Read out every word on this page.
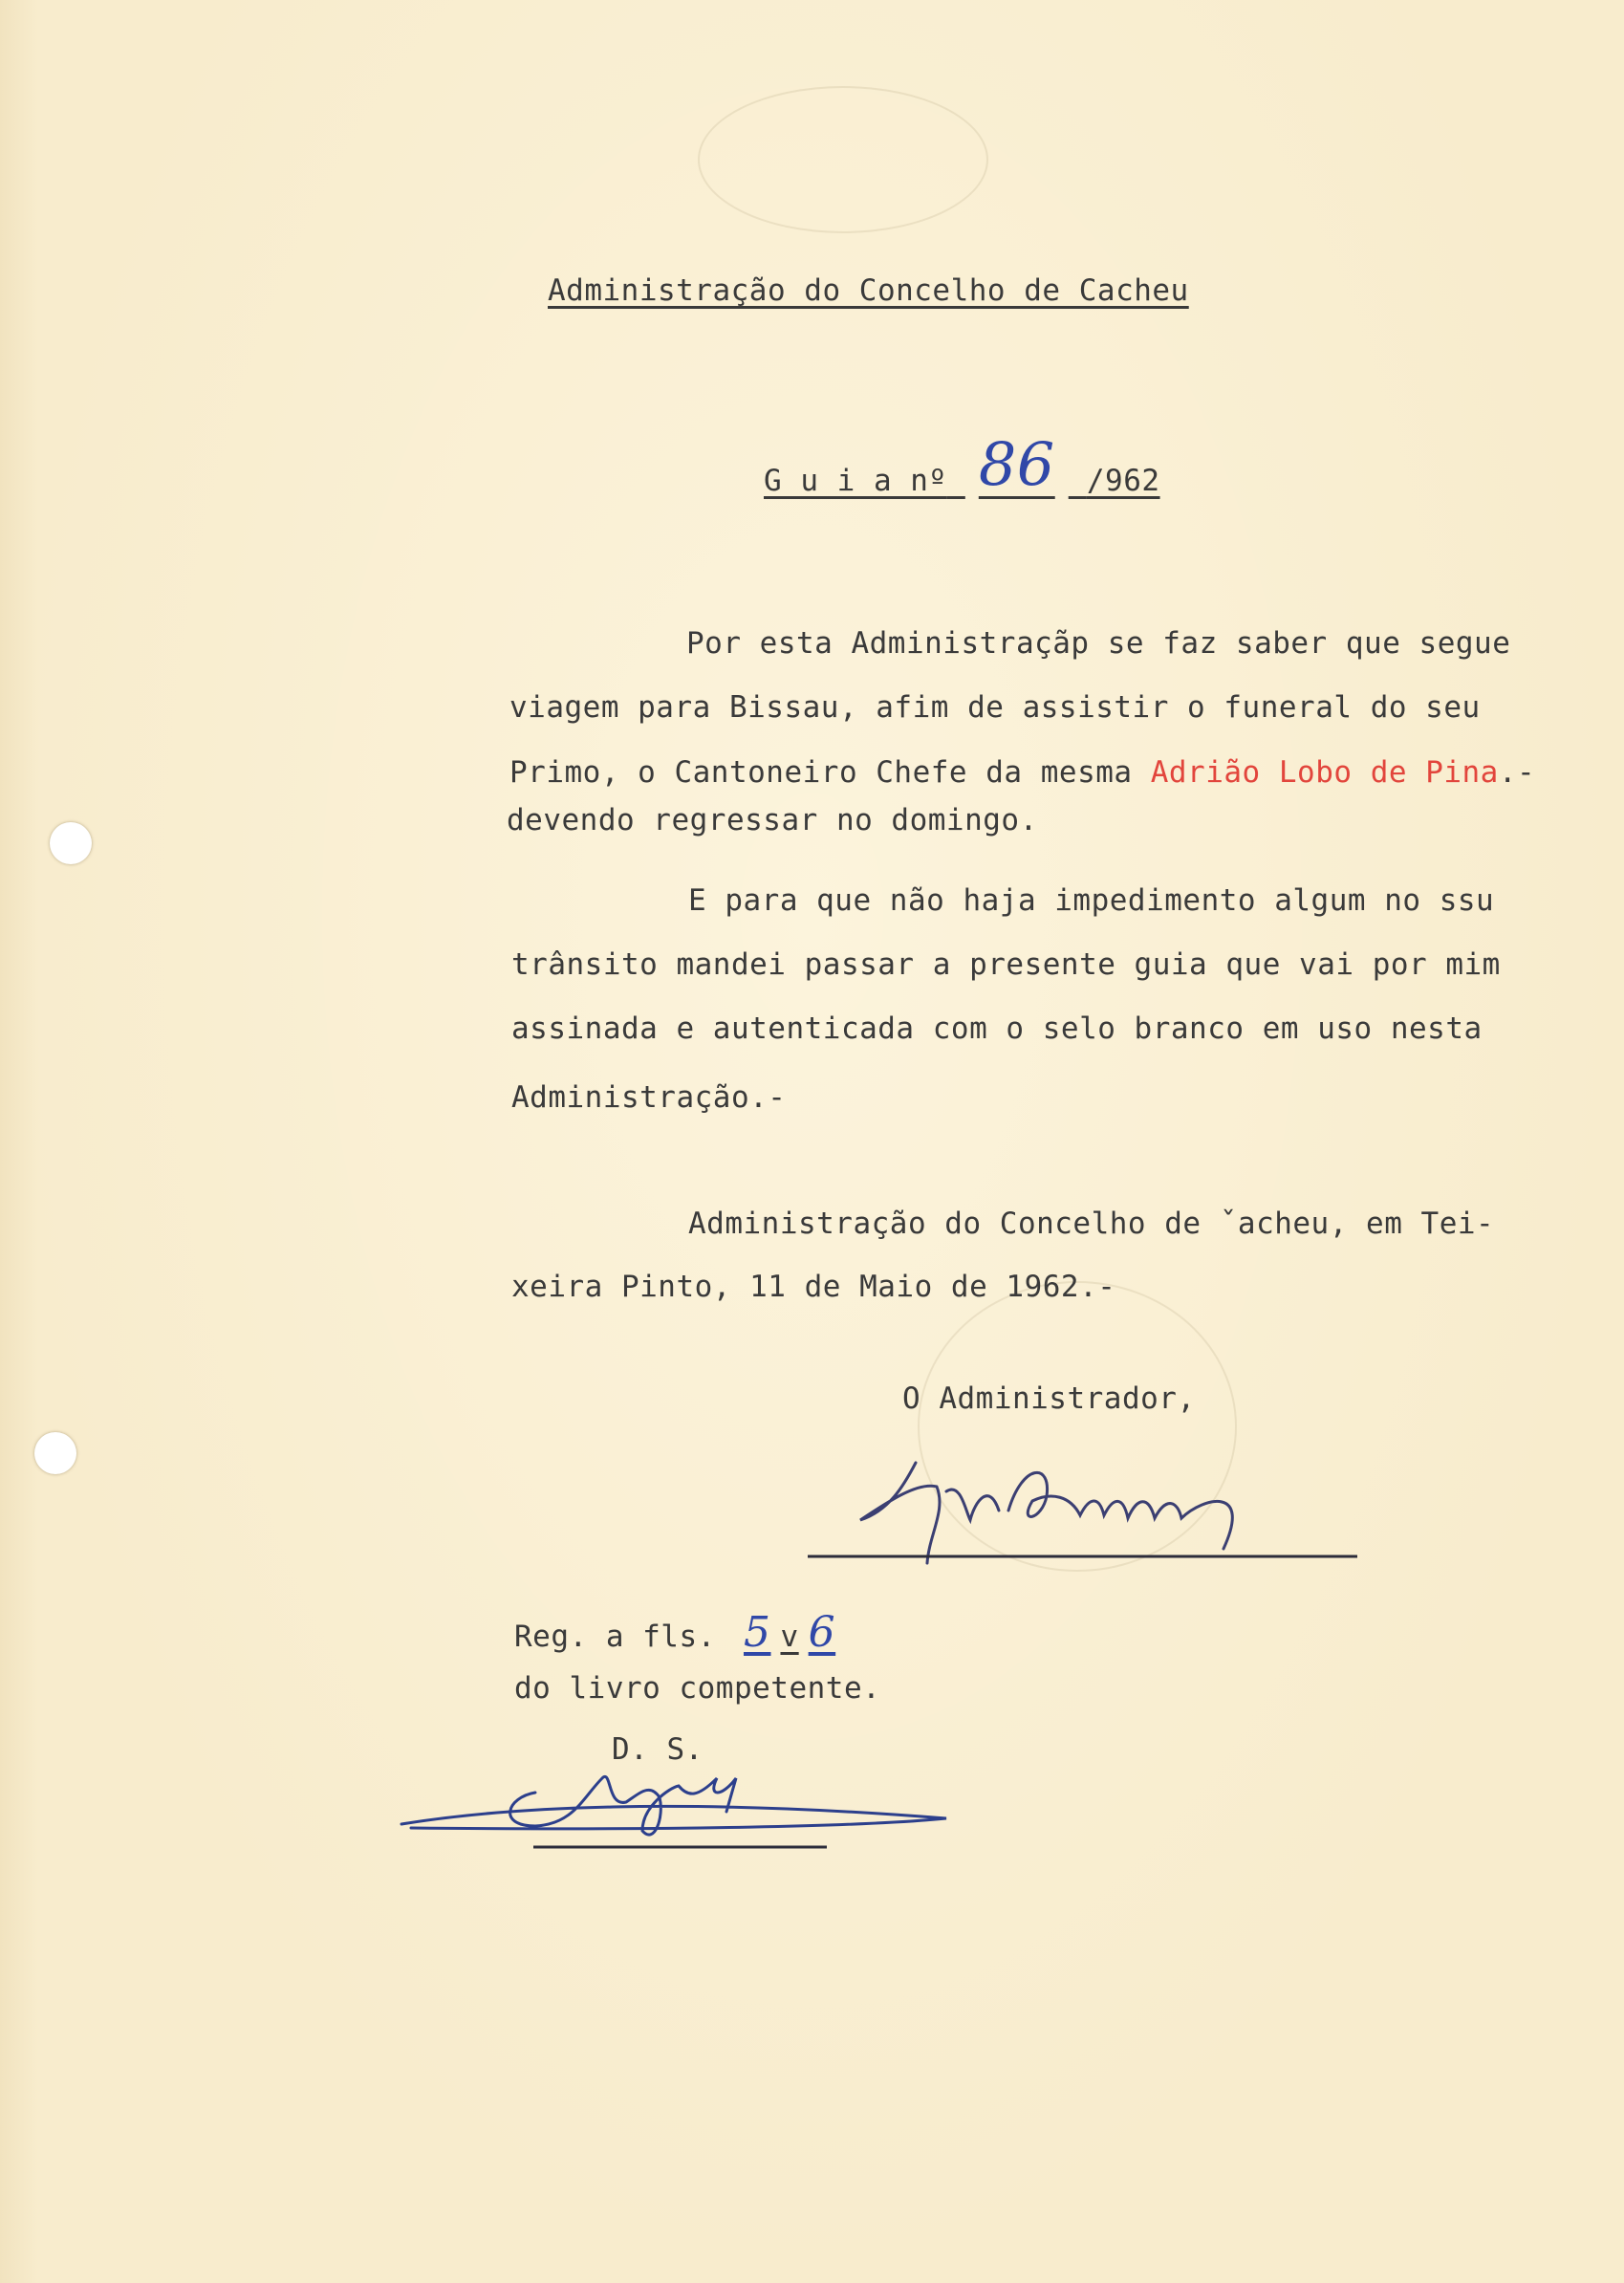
Administração do Concelho de Cacheu
G u i a nº 86 /962
Por esta Administraçãp se faz saber que segue
viagem para Bissau, afim de assistir o funeral do seu
Primo, o Cantoneiro Chefe da mesma Adrião Lobo de Pina.-
devendo regressar no domingo.
E para que não haja impedimento algum no ssu
trânsito mandei passar a presente guia que vai por mim
assinada e autenticada com o selo branco em uso nesta
Administração.-
Administração do Concelho de ˇacheu, em Tei-
xeira Pinto, 11 de Maio de 1962.-
O Administrador,
Reg. a fls. 5 v 6
do livro competente.
D. S.
